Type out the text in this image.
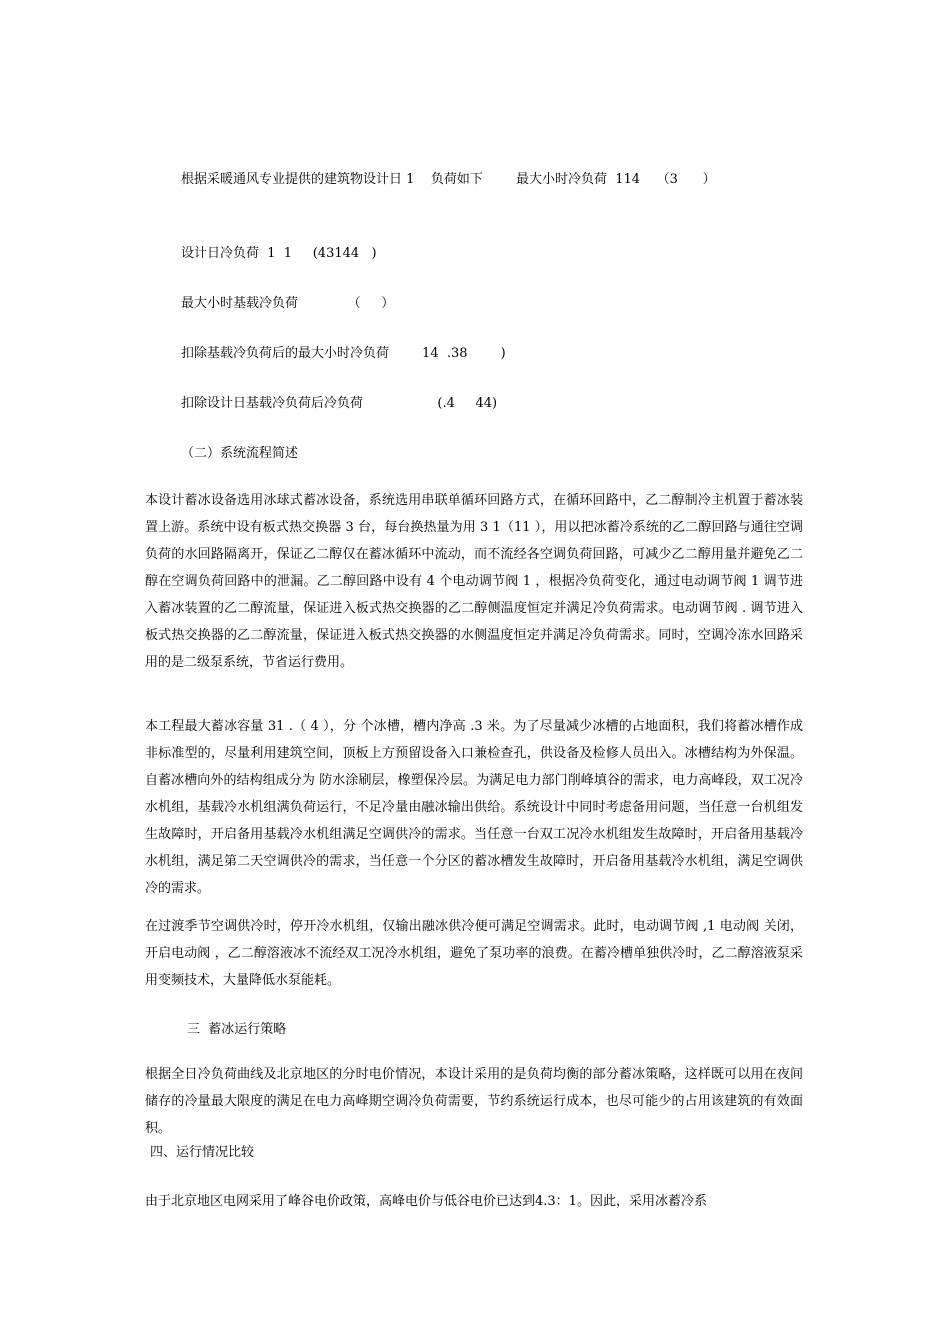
根据采暖通风专业提供的建筑物设计日 1    负荷如下        最大小时冷负荷  114    （3      ）
设计日冷负荷  1  1     (43144   )
最大小时基载冷负荷            （     ）
扣除基载冷负荷后的最大小时冷负荷        14  .38        )
扣除设计日基载冷负荷后冷负荷                  (.4     44)
（二）系统流程简述

本设计蓄冰设备选用冰球式蓄冰设备，系统选用串联单循环回路方式，在循环回路中，乙二醇制冷主机置于蓄冰装置上游。系统中设有板式热交换器 3 台，每台换热量为用 3 1（11 ），用以把冰蓄冷系统的乙二醇回路与通往空调负荷的水回路隔离开，保证乙二醇仅在蓄冰循环中流动，而不流经各空调负荷回路，可减少乙二醇用量并避免乙二醇在空调负荷回路中的泄漏。乙二醇回路中设有 4 个电动调节阀 1 ，根据冷负荷变化，通过电动调节阀 1 调节进入蓄冰装置的乙二醇流量，保证进入板式热交换器的乙二醇侧温度恒定并满足冷负荷需求。电动调节阀 . 调节进入板式热交换器的乙二醇流量，保证进入板式热交换器的水侧温度恒定并满足冷负荷需求。同时，空调冷冻水回路采用的是二级泵系统，节省运行费用。

本工程最大蓄冰容量 31 .（ 4 ），分 个冰槽，槽内净高 .3 米。为了尽量减少冰槽的占地面积，我们将蓄冰槽作成非标准型的，尽量利用建筑空间，顶板上方预留设备入口兼检查孔，供设备及检修人员出入。冰槽结构为外保温。自蓄冰槽向外的结构组成分为 防水涂刷层，橡塑保冷层。为满足电力部门削峰填谷的需求，电力高峰段，双工况冷水机组，基载冷水机组满负荷运行，不足冷量由融冰输出供给。系统设计中同时考虑备用问题，当任意一台机组发生故障时，开启备用基载冷水机组满足空调供冷的需求。当任意一台双工况冷水机组发生故障时，开启备用基载冷水机组，满足第二天空调供冷的需求，当任意一个分区的蓄冰槽发生故障时，开启备用基载冷水机组，满足空调供冷的需求。

在过渡季节空调供冷时，停开冷水机组，仅输出融冰供冷便可满足空调需求。此时，电动调节阀 ,1 电动阀 关闭，开启电动阀 ，乙二醇溶液冰不流经双工况冷水机组，避免了泵功率的浪费。在蓄冷槽单独供冷时，乙二醇溶液泵采用变频技术，大量降低水泵能耗。

三  蓄冰运行策略

根据全日冷负荷曲线及北京地区的分时电价情况，本设计采用的是负荷均衡的部分蓄冰策略，这样既可以用在夜间储存的冷量最大限度的满足在电力高峰期空调冷负荷需要，节约系统运行成本，也尽可能少的占用该建筑的有效面积。

四、运行情况比较

由于北京地区电网采用了峰谷电价政策，高峰电价与低谷电价已达到4.3：1。因此，采用冰蓄冷系
